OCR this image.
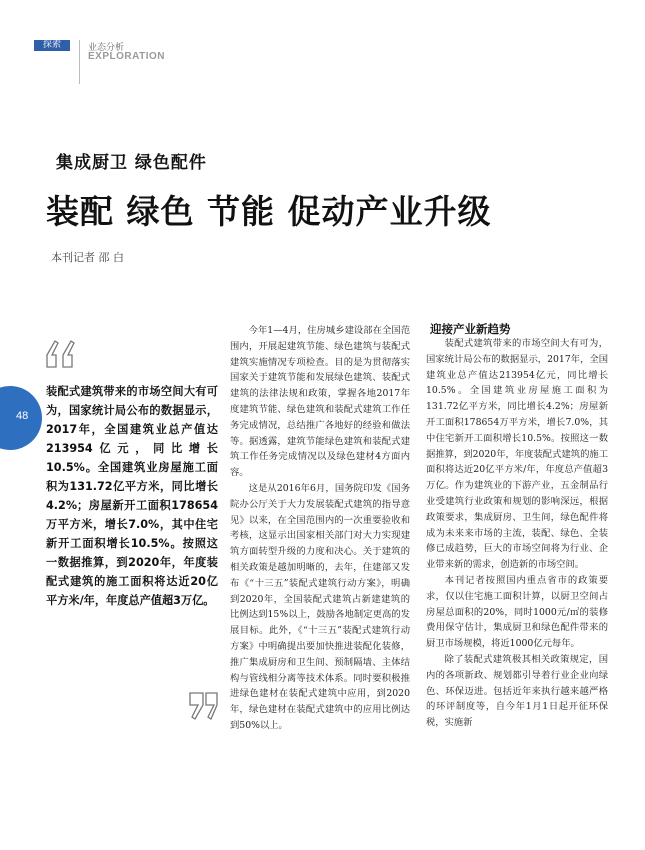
探索	业态分析
EXPLORATION
集成厨卫 绿色配件
装配 绿色 节能 促动产业升级
本刊记者 邵 白
48
装配式建筑带来的市场空间大有可为，国家统计局公布的数据显示，2017年，全国建筑业总产值达213954亿元，同比增长10.5%。全国建筑业房屋施工面积为131.72亿平方米，同比增长4.2%；房屋新开工面积178654万平方米，增长7.0%，其中住宅新开工面积增长10.5%。按照这一数据推算，到2020年，年度装配式建筑的施工面积将达近20亿平方米/年，年度总产值超3万亿。

今年1—4月，住房城乡建设部在全国范围内，开展起建筑节能、绿色建筑与装配式建筑实施情况专项检查。目的是为贯彻落实国家关于建筑节能和发展绿色建筑、装配式建筑的法律法规和政策，掌握各地2017年度建筑节能、绿色建筑和装配式建筑工作任务完成情况，总结推广各地好的经验和做法等。据透露，建筑节能绿色建筑和装配式建筑工作任务完成情况以及绿色建材4方面内容。

这是从2016年6月，国务院印发《国务院办公厅关于大力发展装配式建筑的指导意见》以来，在全国范围内的一次重要验收和考核，这显示出国家相关部门对大力实现建筑方面转型升级的力度和决心。关于建筑的相关政策是越加明晰的，去年，住建部又发布《“十三五”装配式建筑行动方案》，明确到2020年，全国装配式建筑占新建建筑的比例达到15%以上，鼓励各地制定更高的发展目标。此外，《“十三五”装配式建筑行动方案》中明确提出要加快推进装配化装修，推广集成厨房和卫生间、预制隔墙、主体结构与管线相分离等技术体系。同时要积极推进绿色建材在装配式建筑中应用，到2020年，绿色建材在装配式建筑中的应用比例达到50%以上。

迎接产业新趋势

装配式建筑带来的市场空间大有可为，国家统计局公布的数据显示，2017年，全国建筑业总产值达213954亿元，同比增长10.5%。全国建筑业房屋施工面积为131.72亿平方米，同比增长4.2%；房屋新开工面积178654万平方米，增长7.0%，其中住宅新开工面积增长10.5%。按照这一数据推算，到2020年，年度装配式建筑的施工面积将达近20亿平方米/年，年度总产值超3万亿。作为建筑业的下游产业，五金制品行业受建筑行业政策和规划的影响深远，根据政策要求，集成厨房、卫生间，绿色配件将成为未来来市场的主流，装配、绿色、全装修已成趋势，巨大的市场空间将为行业、企业带来新的需求，创造新的市场空间。

本刊记者按照国内重点省市的政策要求，仅以住宅施工面积计算，以厨卫空间占房屋总面积的20%，同时1000元/㎡的装修费用保守估计，集成厨卫和绿色配件带来的厨卫市场规模，将近1000亿元每年。

除了装配式建筑极其相关政策规定，国内的各项新政、规划都引导着行业企业向绿色、环保迈进。包括近年来执行越来越严格的环评制度等，自今年1月1日起开征环保税，实施新
